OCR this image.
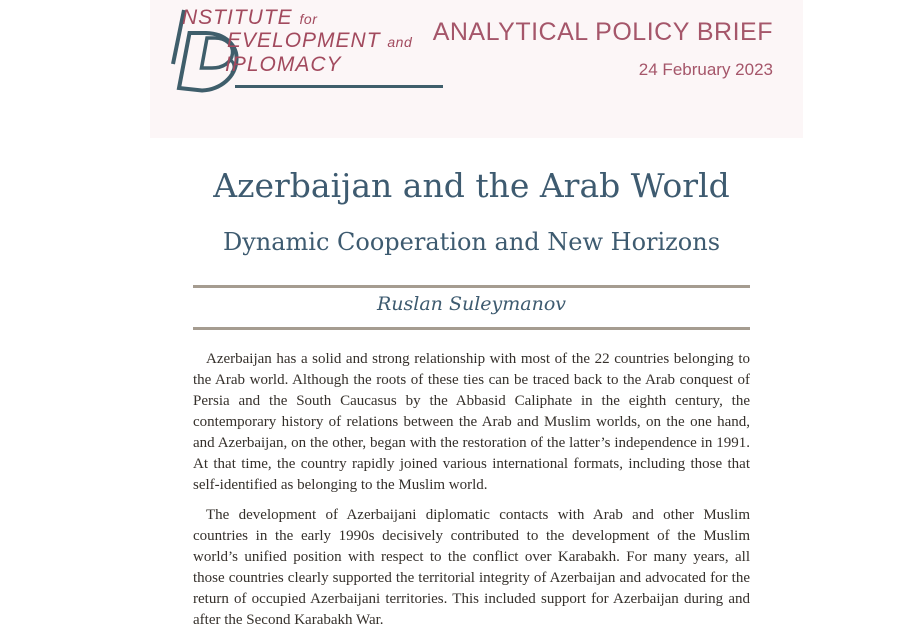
NSTITUTE for
EVELOPMENT and
IPLOMACY
ANALYTICAL POLICY BRIEF
24 February 2023
Azerbaijan and the Arab World
Dynamic Cooperation and New Horizons
Ruslan Suleymanov

Azerbaijan has a solid and strong relationship with most of the 22 countries belonging to the Arab world. Although the roots of these ties can be traced back to the Arab conquest of Persia and the South Caucasus by the Abbasid Caliphate in the eighth century, the contemporary history of relations between the Arab and Muslim worlds, on the one hand, and Azerbaijan, on the other, began with the restoration of the latter’s independence in 1991. At that time, the country rapidly joined various international formats, including those that self-identified as belonging to the Muslim world.

The development of Azerbaijani diplomatic contacts with Arab and other Muslim countries in the early 1990s decisively contributed to the development of the Muslim world’s unified position with respect to the conflict over Karabakh. For many years, all those countries clearly supported the territorial integrity of Azerbaijan and advocated for the return of occupied Azerbaijani territories. This included support for Azerbaijan during and after the Second Karabakh War.
